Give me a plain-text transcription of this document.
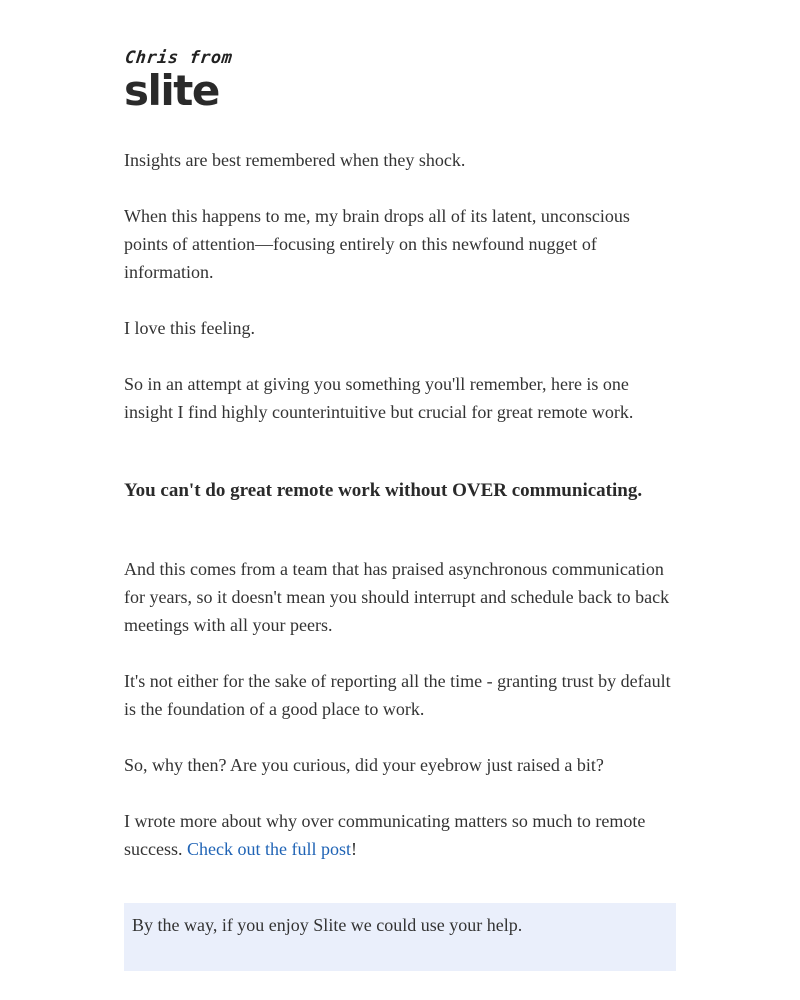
Chris from
slite

Insights are best remembered when they shock.

When this happens to me, my brain drops all of its latent, unconscious points of attention—focusing entirely on this newfound nugget of information.

I love this feeling.

So in an attempt at giving you something you'll remember, here is one insight I find highly counterintuitive but crucial for great remote work.

You can't do great remote work without OVER communicating.

And this comes from a team that has praised asynchronous communication for years, so it doesn't mean you should interrupt and schedule back to back meetings with all your peers.

It's not either for the sake of reporting all the time - granting trust by default is the foundation of a good place to work.

So, why then? Are you curious, did your eyebrow just raised a bit?

I wrote more about why over communicating matters so much to remote success. Check out the full post!

By the way, if you enjoy Slite we could use your help.
